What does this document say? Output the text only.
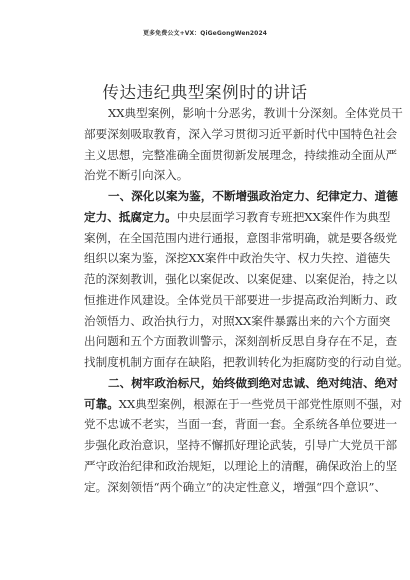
更多免费公文+VX：QiGeGongWen2024
传达违纪典型案例时的讲话
XX典型案例，影响十分恶劣，教训十分深刻。全体党员干
部要深刻吸取教育，深入学习贯彻习近平新时代中国特色社会
主义思想，完整准确全面贯彻新发展理念，持续推动全面从严
治党不断引向深入。
一、深化以案为鉴，不断增强政治定力、纪律定力、道德
定力、抵腐定力。中央层面学习教育专班把XX案件作为典型
案例，在全国范围内进行通报，意图非常明确，就是要各级党
组织以案为鉴，深挖XX案件中政治失守、权力失控、道德失
范的深刻教训，强化以案促改、以案促建、以案促治，持之以
恒推进作风建设。全体党员干部要进一步提高政治判断力、政
治领悟力、政治执行力，对照XX案件暴露出来的六个方面突
出问题和五个方面教训警示，深刻剖析反思自身存在不足，查
找制度机制方面存在缺陷，把教训转化为拒腐防变的行动自觉。
二、树牢政治标尺，始终做到绝对忠诚、绝对纯洁、绝对
可靠。XX典型案例，根源在于一些党员干部党性原则不强，对
党不忠诚不老实，当面一套，背面一套。全系统各单位要进一
步强化政治意识，坚持不懈抓好理论武装，引导广大党员干部
严守政治纪律和政治规矩，以理论上的清醒，确保政治上的坚
定。深刻领悟“两个确立”的决定性意义，增强“四个意识”、
